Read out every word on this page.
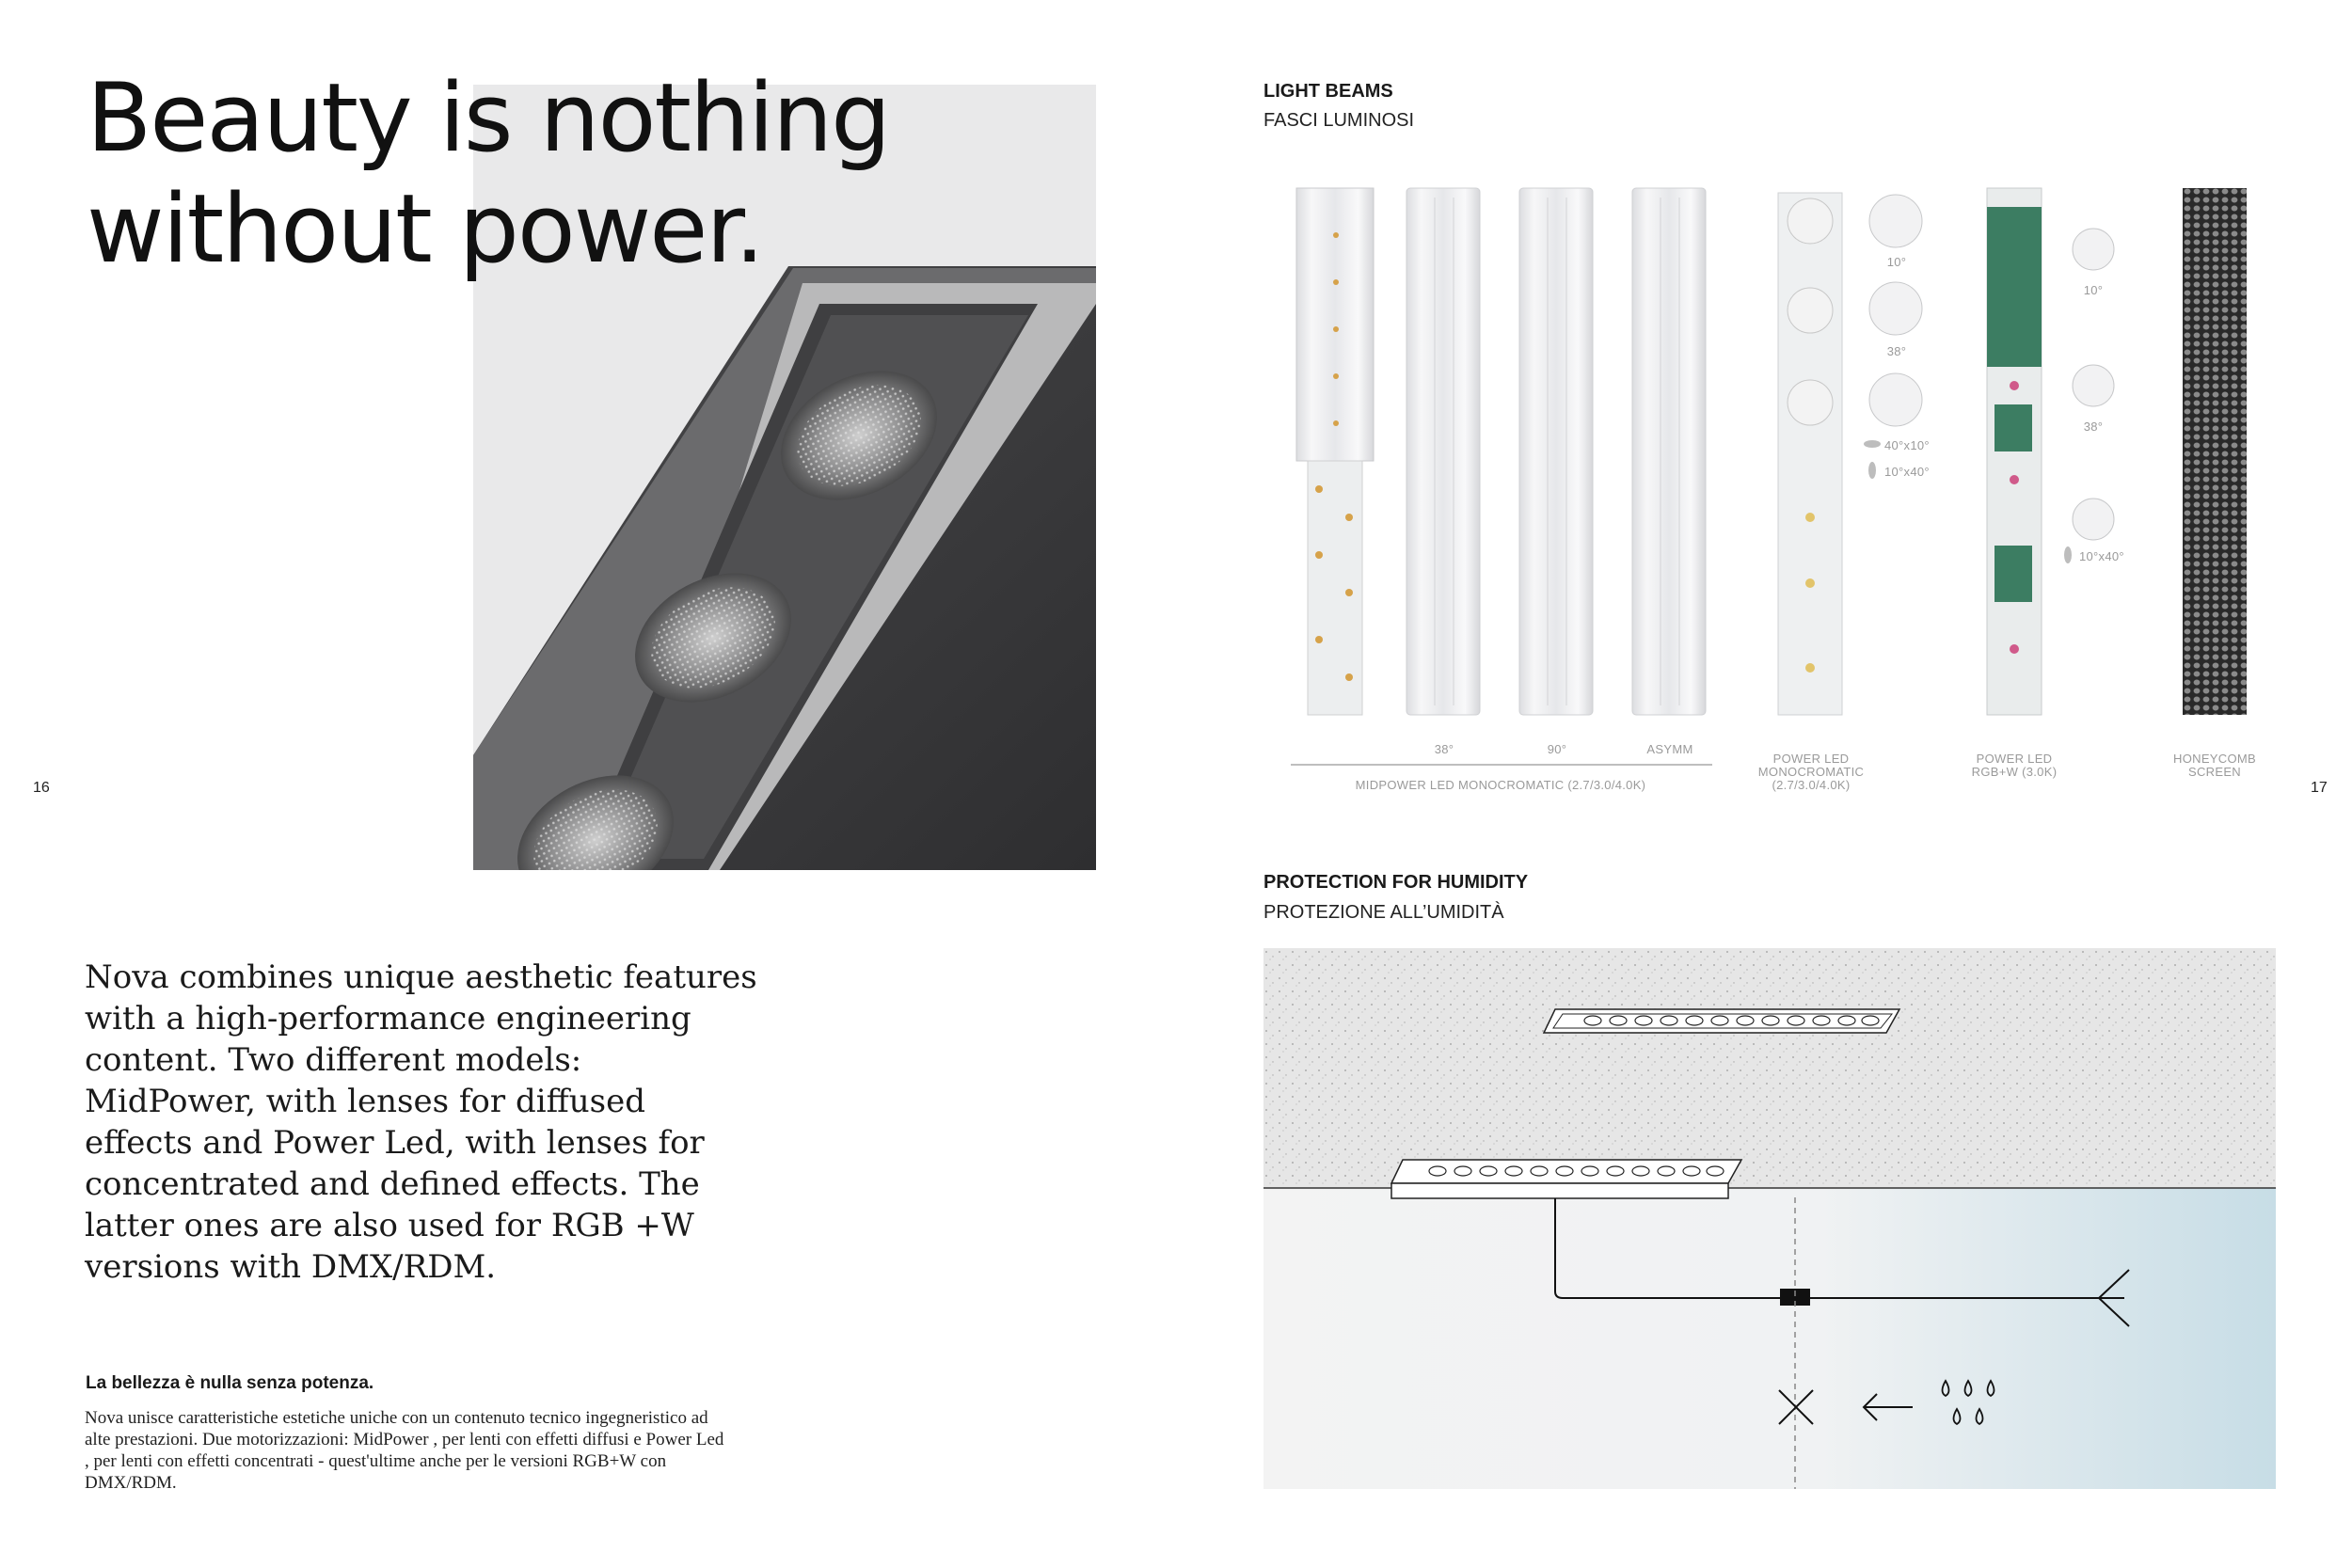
Beauty is nothing
without power.
16

Nova combines unique aesthetic features with a high-performance engineering content. Two different models: MidPower, with lenses for diffused effects and Power Led, with lenses for concentrated and defined effects. The latter ones are also used for RGB +W versions with DMX/RDM.

La bellezza è nulla senza potenza.

Nova unisce caratteristiche estetiche uniche con un contenuto tecnico ingegneristico ad alte prestazioni. Due motorizzazioni: MidPower , per lenti con effetti diffusi e Power Led , per lenti con effetti concentrati - quest'ultime anche per le versioni RGB+W con DMX/RDM.

17
LIGHT BEAMS
FASCI LUMINOSI
38°	90°	ASYMM
MIDPOWER LED MONOCROMATIC (2.7/3.0/4.0K)
10°
38°
40°x10°
10°x40°
POWER LED
MONOCROMATIC
(2.7/3.0/4.0K)
10°
38°
10°x40°
POWER LED
RGB+W (3.0K)
HONEYCOMB
SCREEN
PROTECTION FOR HUMIDITY
PROTEZIONE ALL’UMIDITÀ
